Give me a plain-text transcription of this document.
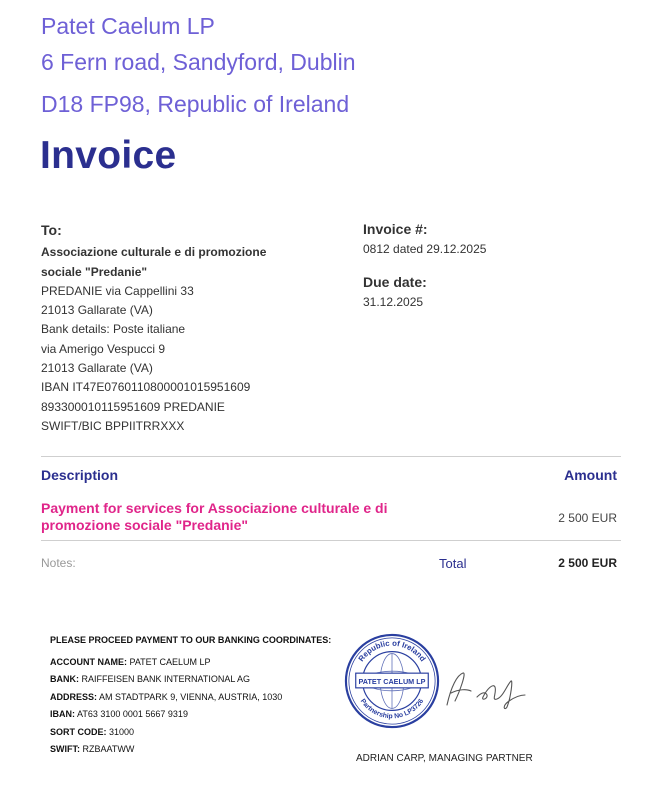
Patet Caelum LP
6 Fern road, Sandyford, Dublin
D18 FP98, Republic of Ireland
Invoice
To:
Associazione culturale e di promozione
sociale "Predanie"
PREDANIE via Cappellini 33
21013 Gallarate (VA)
Bank details: Poste italiane
via Amerigo Vespucci 9
21013 Gallarate (VA)
IBAN IT47E0760110800001015951609
893300010115951609 PREDANIE
SWIFT/BIC BPPIITRRXXX
Invoice #:
0812 dated 29.12.2025
Due date:
31.12.2025
Description	Amount
Payment for services for Associazione culturale e di
promozione sociale "Predanie"	2 500 EUR
Notes:	Total	2 500 EUR
PLEASE PROCEED PAYMENT TO OUR BANKING COORDINATES:
ACCOUNT NAME: PATET CAELUM LP
BANK: RAIFFEISEN BANK INTERNATIONAL AG
ADDRESS: AM STADTPARK 9, VIENNA, AUSTRIA, 1030
IBAN: AT63 3100 0001 5667 9319
SORT CODE: 31000
SWIFT: RZBAATWW
PATET CAELUM LP
Republic of Ireland
Partnership No LP3726
ADRIAN CARP, MANAGING PARTNER
